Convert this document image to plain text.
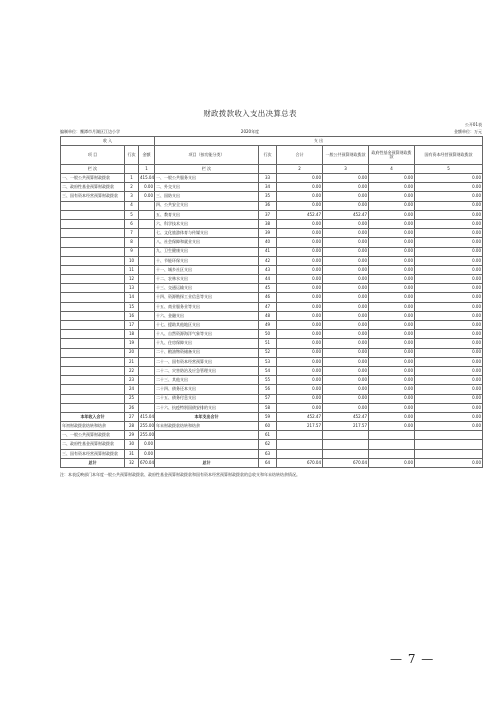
财政拨款收入支出决算总表
公开01表
编制单位：鹰潭市月湖区江边小学	2020年度	金额单位：万元
收 入			支 出					
项 目	行次	金额	项目（按功能分类）	行次	合计	一般公共预算财政拨款	政府性基金预算财政拨款	国有资本经营预算财政拨款
栏 次		1	栏 次		2	3	4	5
一、一般公共预算财政拨款	1	415.04	一、一般公共服务支出	33	0.00	0.00	0.00	0.00
二、政府性基金预算财政拨款	2	0.00	二、外交支出	34	0.00	0.00	0.00	0.00
三、国有资本经营预算财政拨款	3	0.00	三、国防支出	35	0.00	0.00	0.00	0.00
	4		四、公共安全支出	36	0.00	0.00	0.00	0.00
	5		五、教育支出	37	452.47	452.47	0.00	0.00
	6		六、科学技术支出	38	0.00	0.00	0.00	0.00
	7		七、文化旅游体育与传媒支出	39	0.00	0.00	0.00	0.00
	8		八、社会保障和就业支出	40	0.00	0.00	0.00	0.00
	9		九、卫生健康支出	41	0.00	0.00	0.00	0.00
	10		十、节能环保支出	42	0.00	0.00	0.00	0.00
	11		十一、城乡社区支出	43	0.00	0.00	0.00	0.00
	12		十二、农林水支出	44	0.00	0.00	0.00	0.00
	13		十三、交通运输支出	45	0.00	0.00	0.00	0.00
	14		十四、资源勘探工业信息等支出	46	0.00	0.00	0.00	0.00
	15		十五、商业服务业等支出	47	0.00	0.00	0.00	0.00
	16		十六、金融支出	48	0.00	0.00	0.00	0.00
	17		十七、援助其他地区支出	49	0.00	0.00	0.00	0.00
	18		十八、自然资源海洋气象等支出	50	0.00	0.00	0.00	0.00
	19		十九、住房保障支出	51	0.00	0.00	0.00	0.00
	20		二十、粮油物资储备支出	52	0.00	0.00	0.00	0.00
	21		二十一、国有资本经营预算支出	53	0.00	0.00	0.00	0.00
	22		二十二、灾害防治及应急管理支出	54	0.00	0.00	0.00	0.00
	23		二十三、其他支出	55	0.00	0.00	0.00	0.00
	24		二十四、债务还本支出	56	0.00	0.00	0.00	0.00
	25		二十五、债务付息支出	57	0.00	0.00	0.00	0.00
	26		二十六、抗疫特别国债安排的支出	58	0.00	0.00	0.00	0.00
本年收入合计	27	415.04	本年支出合计	59	452.47	452.47	0.00	0.00
年初财政拨款结转和结余	28	255.00	年末财政拨款结转和结余	60	217.57	217.57	0.00	0.00
一、一般公共预算财政拨款	29	255.00		61				
二、政府性基金预算财政拨款	30	0.00		62				
三、国有资本经营预算财政拨款	31	0.00		63				
总计	32	670.04	总计	64	670.04	670.04	0.00	0.00
注：本表反映部门本年度一般公共预算财政拨款、政府性基金预算财政拨款和国有资本经营预算财政拨款的总收支和年末结转结余情况。
— 7 —
